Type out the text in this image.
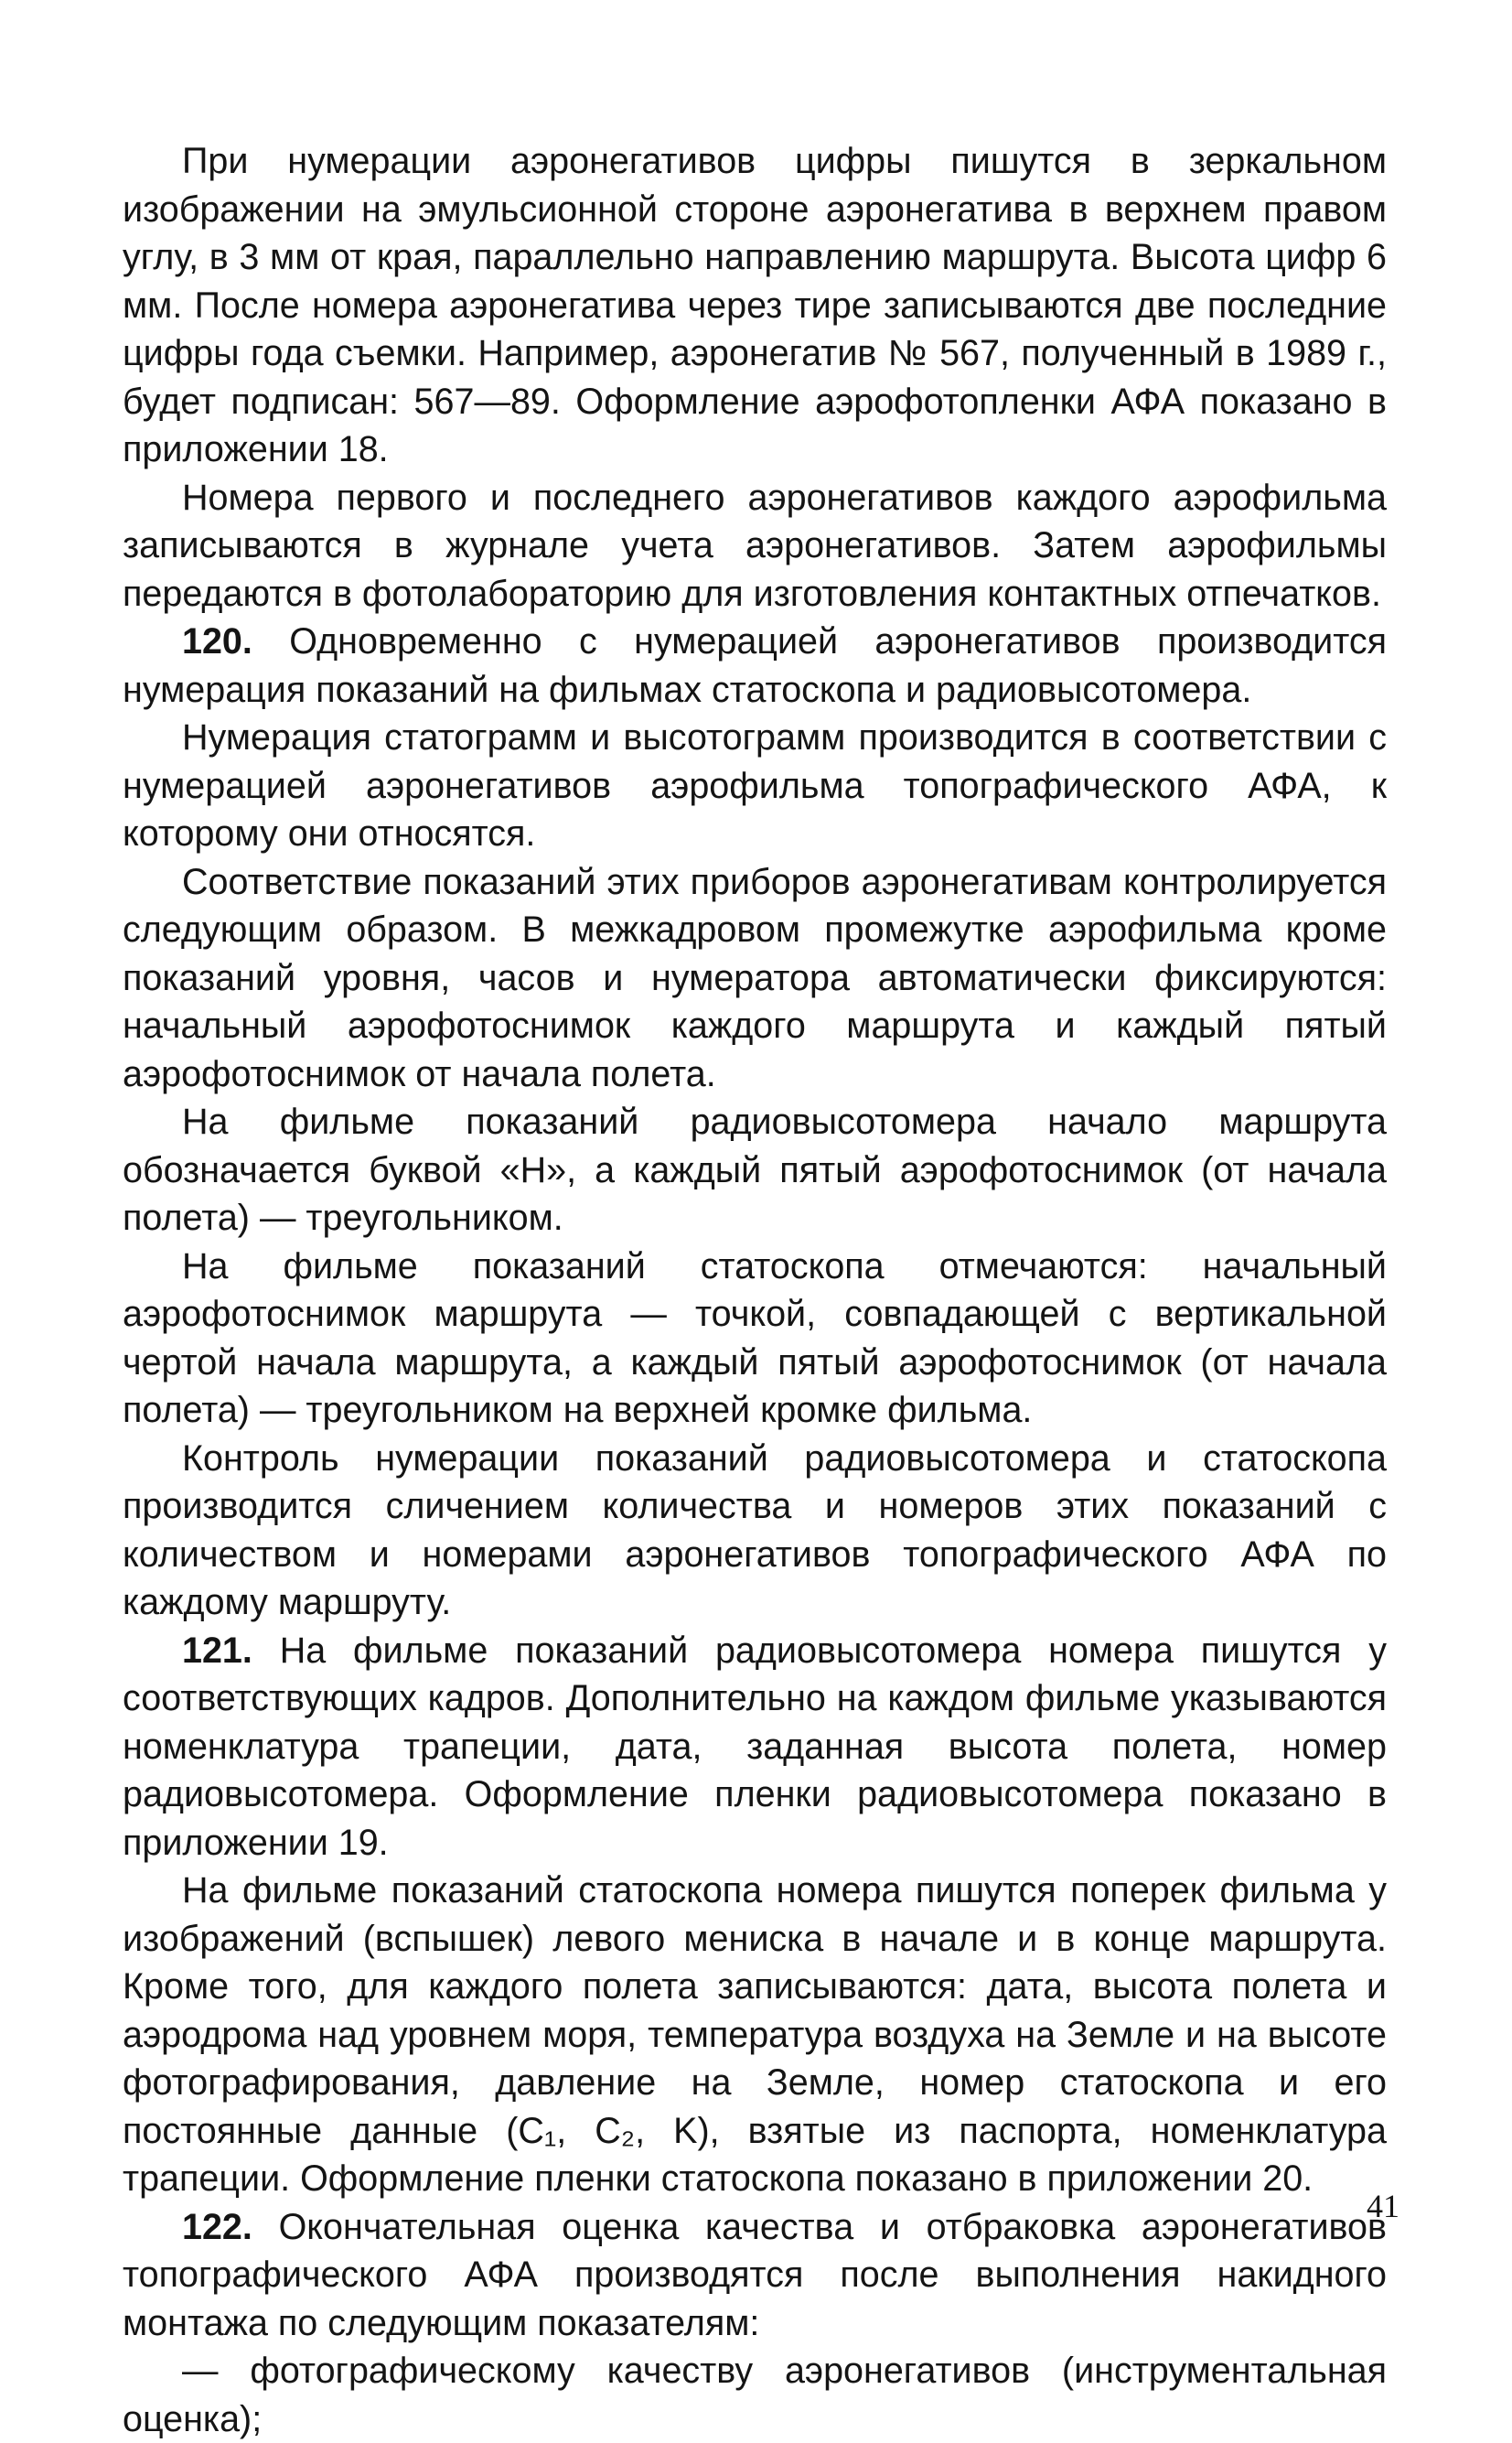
При нумерации аэронегативов цифры пишутся в зеркальном изображении на эмульсионной стороне аэронегатива в верхнем правом углу, в 3 мм от края, параллельно направлению маршрута. Высота цифр 6 мм. После номера аэронегатива через тире записываются две последние цифры года съемки. Например, аэронегатив № 567, полученный в 1989 г., будет подписан: 567—89. Оформление аэрофотопленки АФА показано в приложении 18.

Номера первого и последнего аэронегативов каждого аэрофильма записываются в журнале учета аэронегативов. Затем аэрофильмы передаются в фотолабораторию для изготовления контактных отпечатков.

120. Одновременно с нумерацией аэронегативов производится нумерация показаний на фильмах статоскопа и радиовысотомера.

Нумерация статограмм и высотограмм производится в соответствии с нумерацией аэронегативов аэрофильма топографического АФА, к которому они относятся.

Соответствие показаний этих приборов аэронегативам контролируется следующим образом. В межкадровом промежутке аэрофильма кроме показаний уровня, часов и нумератора автоматически фиксируются: начальный аэрофотоснимок каждого маршрута и каждый пятый аэрофотоснимок от начала полета.

На фильме показаний радиовысотомера начало маршрута обозначается буквой «Н», а каждый пятый аэрофотоснимок (от начала полета) — треугольником.

На фильме показаний статоскопа отмечаются: начальный аэрофотоснимок маршрута — точкой, совпадающей с вертикальной чертой начала маршрута, а каждый пятый аэрофотоснимок (от начала полета) — треугольником на верхней кромке фильма.

Контроль нумерации показаний радиовысотомера и статоскопа производится сличением количества и номеров этих показаний с количеством и номерами аэронегативов топографического АФА по каждому маршруту.

121. На фильме показаний радиовысотомера номера пишутся у соответствующих кадров. Дополнительно на каждом фильме указываются номенклатура трапеции, дата, заданная высота полета, номер радиовысотомера. Оформление пленки радиовысотомера показано в приложении 19.

На фильме показаний статоскопа номера пишутся поперек фильма у изображений (вспышек) левого мениска в начале и в конце маршрута. Кроме того, для каждого полета записываются: дата, высота полета и аэродрома над уровнем моря, температура воздуха на Земле и на высоте фотографирования, давление на Земле, номер статоскопа и его постоянные данные (C₁, C₂, K), взятые из паспорта, номенклатура трапеции. Оформление пленки статоскопа показано в приложении 20.

122. Окончательная оценка качества и отбраковка аэронегативов топографического АФА производятся после выполнения накидного монтажа по следующим показателям:

— фотографическому качеству аэронегативов (инструментальная оценка);

41
